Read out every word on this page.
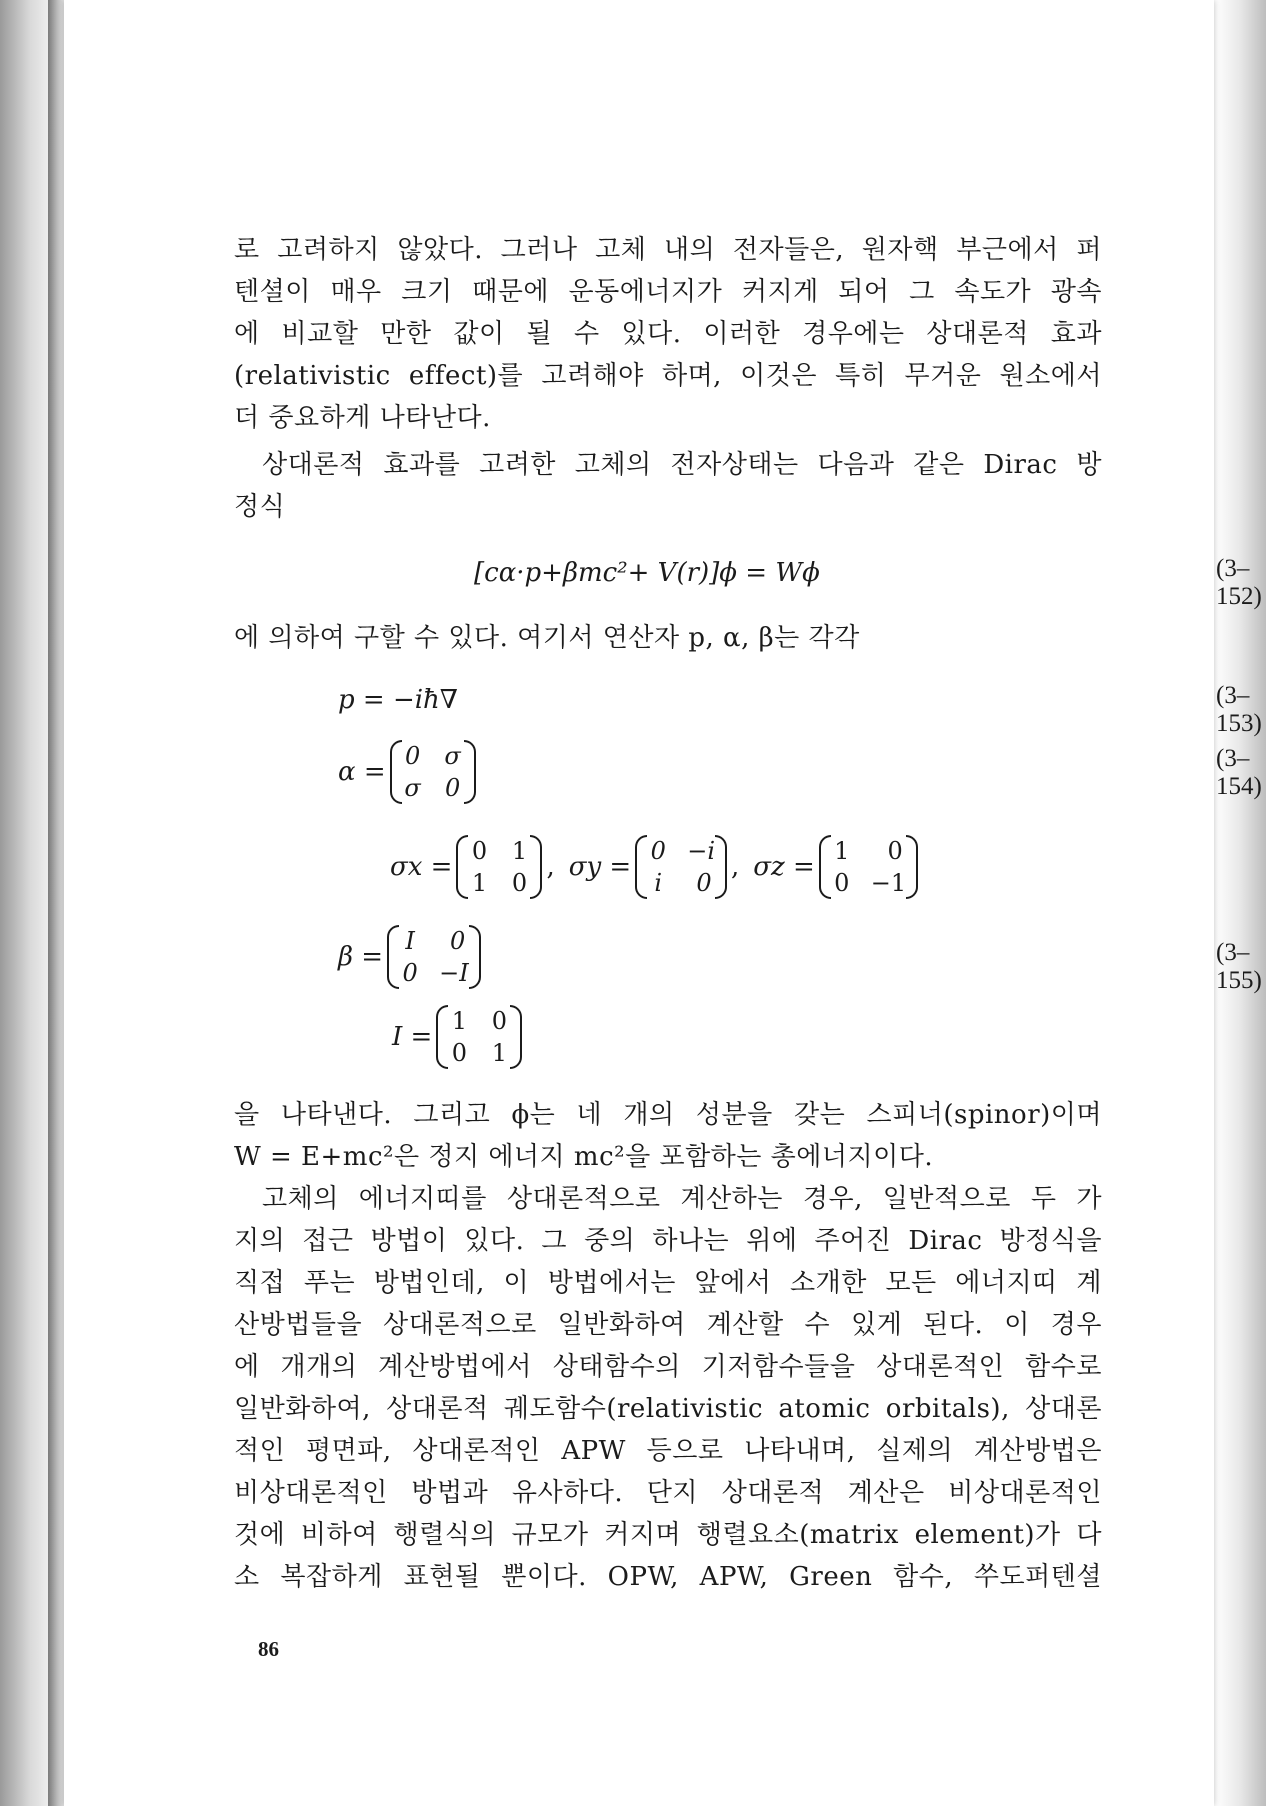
로 고려하지 않았다. 그러나 고체 내의 전자들은, 원자핵 부근에서 퍼
텐셜이 매우 크기 때문에 운동에너지가 커지게 되어 그 속도가 광속
에 비교할 만한 값이 될 수 있다. 이러한 경우에는 상대론적 효과
(relativistic effect)를 고려해야 하며, 이것은 특히 무거운 원소에서
더 중요하게 나타난다.
상대론적 효과를 고려한 고체의 전자상태는 다음과 같은 Dirac 방
정식
[cα·p+βmc²+ V(r)]ϕ = Wϕ	(3–152)
에 의하여 구할 수 있다. 여기서 연산자 p, α, β는 각각
p = −iħ∇	(3–153)
α =
0 σ
σ 0
(3–154)
σx =
0 1
1 0
, σy =
0 −i
i 0
, σz =
1 0
0 −1
β =
I 0
0 −I
(3–155)
I =
1 0
0 1
을 나타낸다. 그리고 ϕ는 네 개의 성분을 갖는 스피너(spinor)이며
W = E+mc²은 정지 에너지 mc²을 포함하는 총에너지이다.
고체의 에너지띠를 상대론적으로 계산하는 경우, 일반적으로 두 가
지의 접근 방법이 있다. 그 중의 하나는 위에 주어진 Dirac 방정식을
직접 푸는 방법인데, 이 방법에서는 앞에서 소개한 모든 에너지띠 계
산방법들을 상대론적으로 일반화하여 계산할 수 있게 된다. 이 경우
에 개개의 계산방법에서 상태함수의 기저함수들을 상대론적인 함수로
일반화하여, 상대론적 궤도함수(relativistic atomic orbitals), 상대론
적인 평면파, 상대론적인 APW 등으로 나타내며, 실제의 계산방법은
비상대론적인 방법과 유사하다. 단지 상대론적 계산은 비상대론적인
것에 비하여 행렬식의 규모가 커지며 행렬요소(matrix element)가 다
소 복잡하게 표현될 뿐이다. OPW, APW, Green 함수, 쑤도퍼텐셜
86
